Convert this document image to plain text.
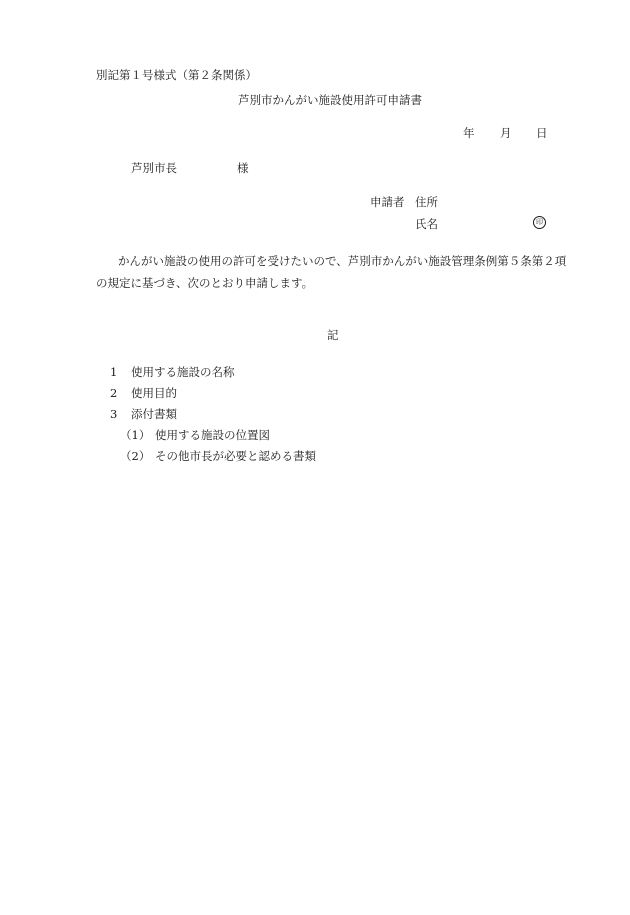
別記第１号様式（第２条関係）
芦別市かんがい施設使用許可申請書
年 月 日
芦別市長	様
申請者 住所
氏名	印
かんがい施設の使用の許可を受けたいので、芦別市かんがい施設管理条例第５条第２項の規定に基づき、次のとおり申請します。
記
1 使用する施設の名称
2 使用目的
3 添付書類
（1） 使用する施設の位置図
（2） その他市長が必要と認める書類
